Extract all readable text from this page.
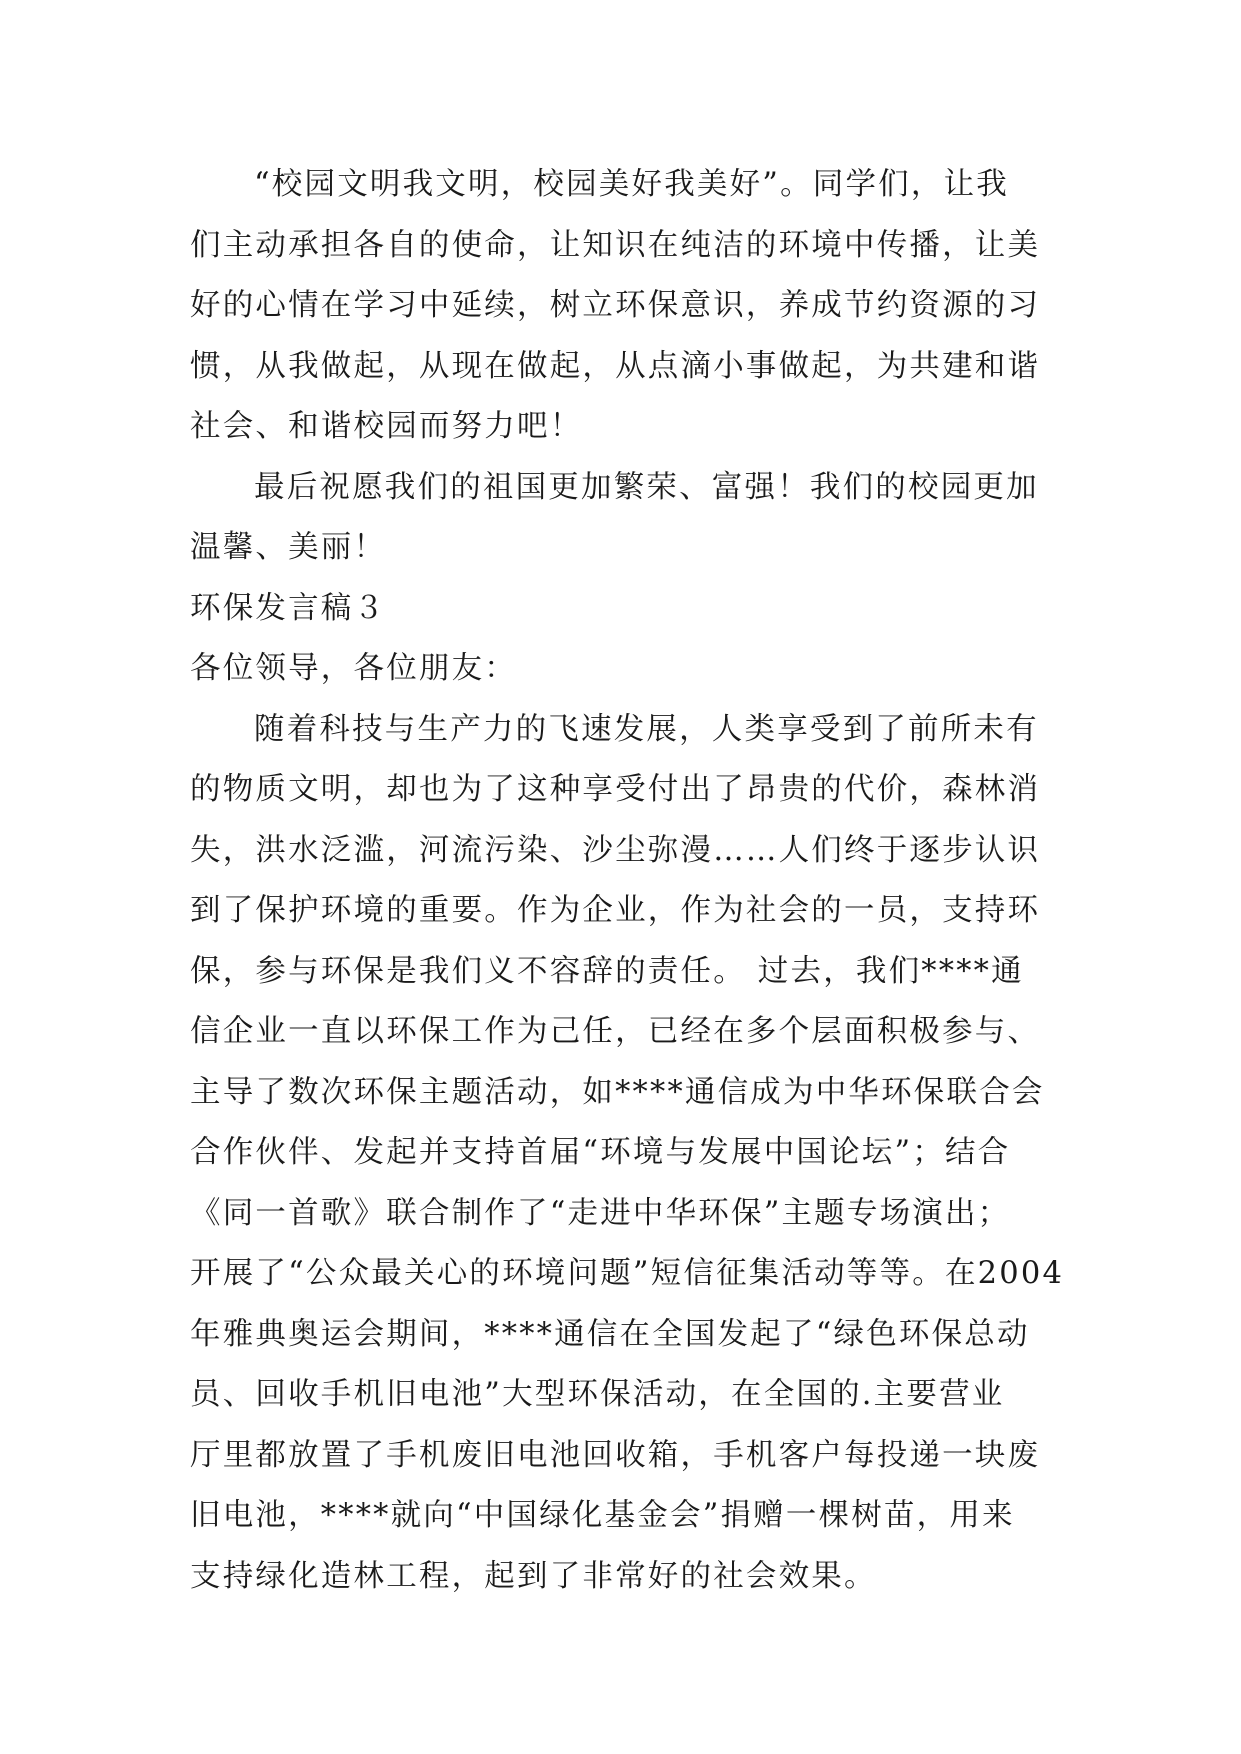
“校园文明我文明，校园美好我美好”。同学们，让我
们主动承担各自的使命，让知识在纯洁的环境中传播，让美
好的心情在学习中延续，树立环保意识，养成节约资源的习
惯，从我做起，从现在做起，从点滴小事做起，为共建和谐
社会、和谐校园而努力吧！
最后祝愿我们的祖国更加繁荣、富强！我们的校园更加
温馨、美丽！
环保发言稿３
各位领导，各位朋友：
随着科技与生产力的飞速发展，人类享受到了前所未有
的物质文明，却也为了这种享受付出了昂贵的代价，森林消
失，洪水泛滥，河流污染、沙尘弥漫……人们终于逐步认识
到了保护环境的重要。作为企业，作为社会的一员，支持环
保，参与环保是我们义不容辞的责任。 过去，我们****通
信企业一直以环保工作为己任，已经在多个层面积极参与、
主导了数次环保主题活动，如****通信成为中华环保联合会
合作伙伴、发起并支持首届“环境与发展中国论坛”；结合
《同一首歌》联合制作了“走进中华环保”主题专场演出；
开展了“公众最关心的环境问题”短信征集活动等等。在2004
年雅典奥运会期间，****通信在全国发起了“绿色环保总动
员、回收手机旧电池”大型环保活动，在全国的.主要营业
厅里都放置了手机废旧电池回收箱，手机客户每投递一块废
旧电池，****就向“中国绿化基金会”捐赠一棵树苗，用来
支持绿化造林工程，起到了非常好的社会效果。
